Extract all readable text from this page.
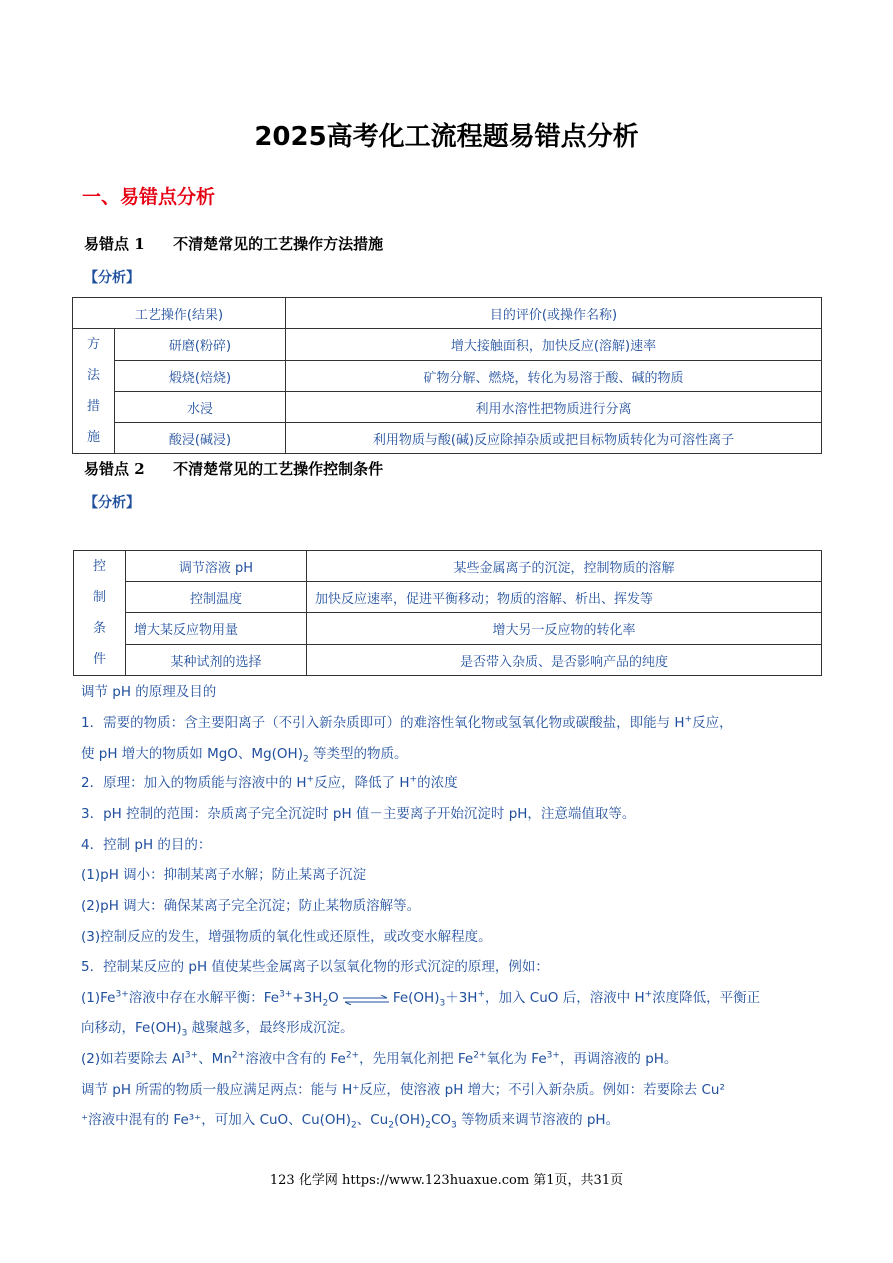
2025高考化工流程题易错点分析
一、易错点分析
易错点 1 不清楚常见的工艺操作方法措施
【分析】
工艺操作(结果)		目的评价(或操作名称)

方
法
措
施	研磨(粉碎)	增大接触面积，加快反应(溶解)速率
	煅烧(焙烧)	矿物分解、燃烧，转化为易溶于酸、碱的物质
	水浸	利用水溶性把物质进行分离
	酸浸(碱浸)	利用物质与酸(碱)反应除掉杂质或把目标物质转化为可溶性离子
易错点 2 不清楚常见的工艺操作控制条件
【分析】
控
制
条
件	调节溶液 pH	某些金属离子的沉淀，控制物质的溶解
	控制温度	加快反应速率，促进平衡移动；物质的溶解、析出、挥发等
	增大某反应物用量	增大另一反应物的转化率
	某种试剂的选择	是否带入杂质、是否影响产品的纯度
调节 pH 的原理及目的
1．需要的物质：含主要阳离子（不引入新杂质即可）的难溶性氧化物或氢氧化物或碳酸盐，即能与 H+反应，
使 pH 增大的物质如 MgO、$Mg(OH)_2$ 等类型的物质。
2．原理：加入的物质能与溶液中的 H+反应，降低了 H+的浓度
3．pH 控制的范围：杂质离子完全沉淀时 pH 值－主要离子开始沉淀时 pH，注意端值取等。
4．控制 pH 的目的：
(1)pH 调小：抑制某离子水解；防止某离子沉淀
(2)pH 调大：确保某离子完全沉淀；防止某物质溶解等。
(3)控制反应的发生，增强物质的氧化性或还原性，或改变水解程度。
5．控制某反应的 pH 值使某些金属离子以氢氧化物的形式沉淀的原理，例如：
$(1)Fe^{3+}$溶液中存在水解平衡：$Fe^{3+}+3H_2O$ ⇌ $Fe(OH)_3+3H^+$，加入 CuO 后，溶液中 H+浓度降低，平衡正
向移动，$Fe(OH)_3$ 越聚越多，最终形成沉淀。
(2)如若要除去 $Al^{3+}$、$Mn^{2+}$溶液中含有的 $Fe^{2+}$，先用氧化剂把 $Fe^{2+}$氧化为 $Fe^{3+}$，再调溶液的 pH。
调节 pH 所需的物质一般应满足两点：能与 H⁺反应，使溶液 pH 增大；不引入新杂质。例如：若要除去 Cu²
⁺溶液中混有的 Fe³⁺，可加入 CuO、$Cu(OH)_2$、$Cu_2(OH)_2CO_3$ 等物质来调节溶液的 pH。
123 化学网 https://www.123huaxue.com 第1页，共31页
